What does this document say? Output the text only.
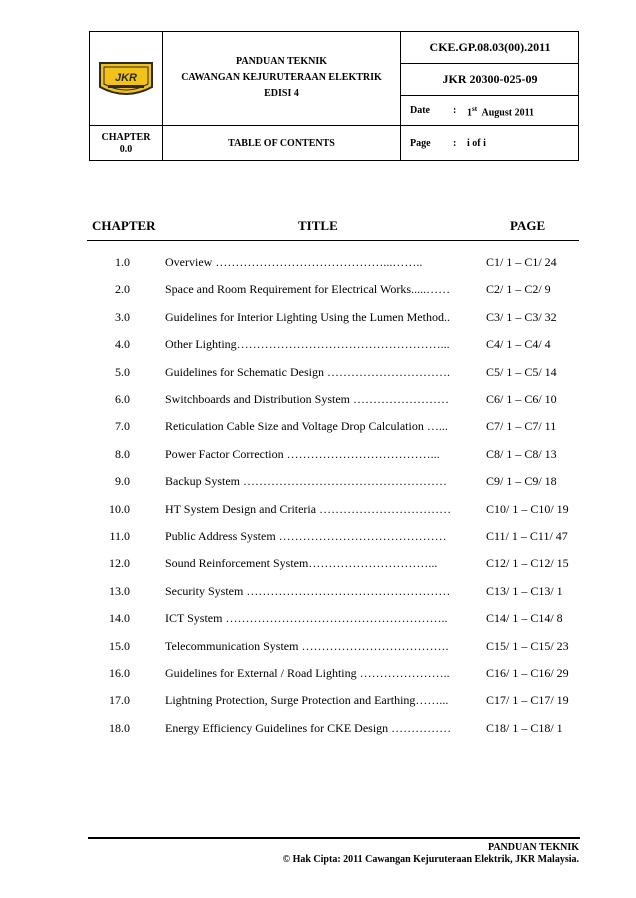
JKR
PANDUAN TEKNIK
CAWANGAN KEJURUTERAAN ELEKTRIK
EDISI 4
CKE.GP.08.03(00).2011
JKR 20300-025-09
Date : 1st August 2011
CHAPTER
0.0
TABLE OF CONTENTS	Page : i of i
CHAPTER	TITLE	PAGE
1.0	Overview ……………………………………...……..	C1/ 1 – C1/ 24
2.0	Space and Room Requirement for Electrical Works.....……	C2/ 1 – C2/ 9
3.0	Guidelines for Interior Lighting Using the Lumen Method..	C3/ 1 – C3/ 32
4.0	Other Lighting……………………………………………...	C4/ 1 – C4/ 4
5.0	Guidelines for Schematic Design ………………………….	C5/ 1 – C5/ 14
6.0	Switchboards and Distribution System ……………………	C6/ 1 – C6/ 10
7.0	Reticulation Cable Size and Voltage Drop Calculation …...	C7/ 1 – C7/ 11
8.0	Power Factor Correction ………………………………...	C8/ 1 – C8/ 13
9.0	Backup System ……………………………………………	C9/ 1 – C9/ 18
10.0	HT System Design and Criteria ……………………………	C10/ 1 – C10/ 19
11.0	Public Address System ……………………………………	C11/ 1 – C11/ 47
12.0	Sound Reinforcement System…………………………...	C12/ 1 – C12/ 15
13.0	Security System ……………………………………………	C13/ 1 – C13/ 1
14.0	ICT System ………………………………………………..	C14/ 1 – C14/ 8
15.0	Telecommunication System ……………………………….	C15/ 1 – C15/ 23
16.0	Guidelines for External / Road Lighting …………………..	C16/ 1 – C16/ 29
17.0	Lightning Protection, Surge Protection and Earthing……...	C17/ 1 – C17/ 19
18.0	Energy Efficiency Guidelines for CKE Design ……………	C18/ 1 – C18/ 1
PANDUAN TEKNIK
© Hak Cipta: 2011 Cawangan Kejuruteraan Elektrik, JKR Malaysia.
